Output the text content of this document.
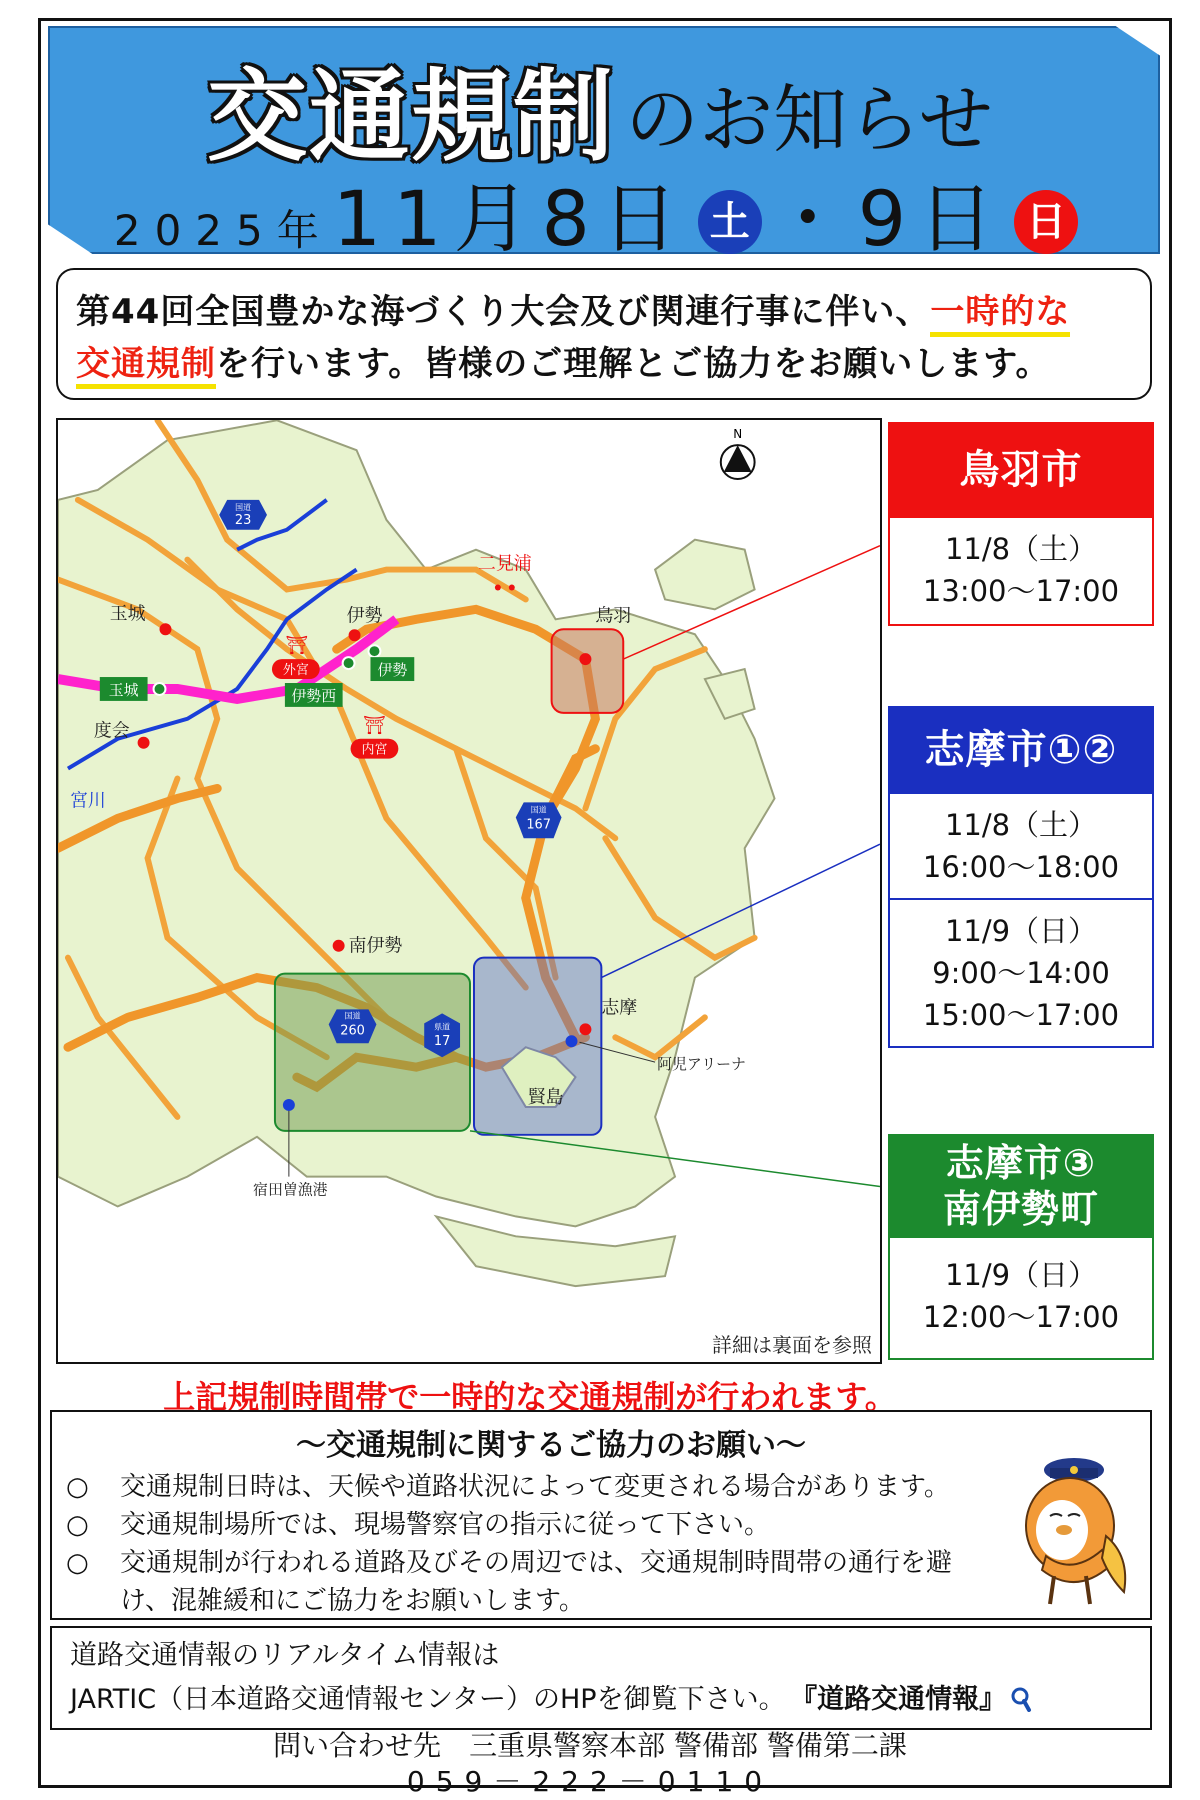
交通規制 のお知らせ
2025年11月8日 土 ・9日 日
第44回全国豊かな海づくり大会及び関連行事に伴い、一時的な
交通規制を行います。皆様のご理解とご協力をお願いします。
N
国道
23
国道
167
国道
260	県道
17
⛩
外宮
⛩
内宮
玉城	伊勢西
伊勢
玉城	伊勢
二見浦
鳥羽
度会
宮川
南伊勢
志摩
阿児アリーナ
賢島
宿田曽漁港
詳細は裏面を参照
鳥羽市
11/8（土）
13:00～17:00
志摩市①②
11/8（土）
16:00～18:00
11/9（日）
9:00～14:00
15:00～17:00
志摩市③
南伊勢町
11/9（日）
12:00～17:00
上記規制時間帯で一時的な交通規制が行われます。
～交通規制に関するご協力のお願い～
○ 交通規制日時は、天候や道路状況によって変更される場合があります。
○ 交通規制場所では、現場警察官の指示に従って下さい。
○ 交通規制が行われる道路及びその周辺では、交通規制時間帯の通行を避け、混雑緩和にご協力をお願いします。
道路交通情報のリアルタイム情報は
JARTIC（日本道路交通情報センター）のHPを御覧下さい。 『道路交通情報』
問い合わせ先　三重県警察本部 警備部 警備第二課
059－222－0110
